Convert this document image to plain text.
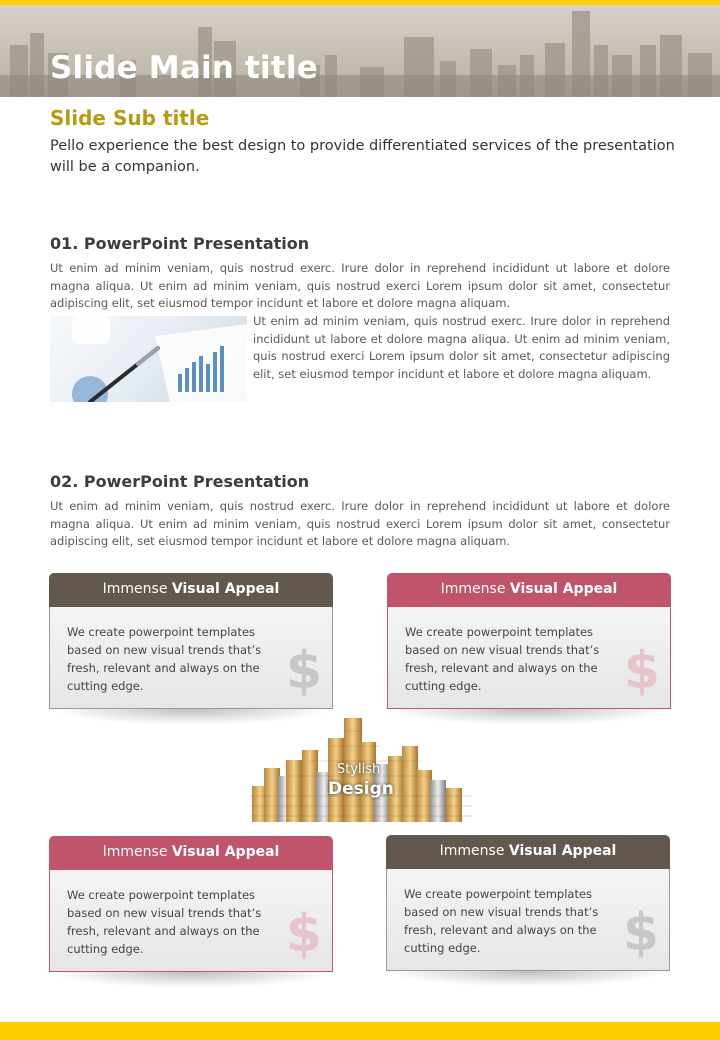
Slide Main title
Slide Sub title
Pello experience the best design to provide differentiated services of the presentation will be a companion.
01. PowerPoint Presentation
Ut enim ad minim veniam, quis nostrud exerc. Irure dolor in reprehend incididunt ut labore et dolore magna aliqua. Ut enim ad minim veniam, quis nostrud exerci Lorem ipsum dolor sit amet, consectetur adipiscing elit, set eiusmod tempor incidunt et labore et dolore magna aliquam.
Ut enim ad minim veniam, quis nostrud exerc. Irure dolor in reprehend incididunt ut labore et dolore magna aliqua. Ut enim ad minim veniam, quis nostrud exerci Lorem ipsum dolor sit amet, consectetur adipiscing elit, set eiusmod tempor incidunt et labore et dolore magna aliquam.
02. PowerPoint Presentation
Ut enim ad minim veniam, quis nostrud exerc. Irure dolor in reprehend incididunt ut labore et dolore magna aliqua. Ut enim ad minim veniam, quis nostrud exerci Lorem ipsum dolor sit amet, consectetur adipiscing elit, set eiusmod tempor incidunt et labore et dolore magna aliquam.
Immense Visual Appeal
We create powerpoint templates based on new visual trends that’s fresh, relevant and always on the cutting edge.	$
Immense Visual Appeal
We create powerpoint templates based on new visual trends that’s fresh, relevant and always on the cutting edge.	$
Stylish
Design
Immense Visual Appeal
We create powerpoint templates based on new visual trends that’s fresh, relevant and always on the cutting edge.	$
Immense Visual Appeal
We create powerpoint templates based on new visual trends that’s fresh, relevant and always on the cutting edge.	$
